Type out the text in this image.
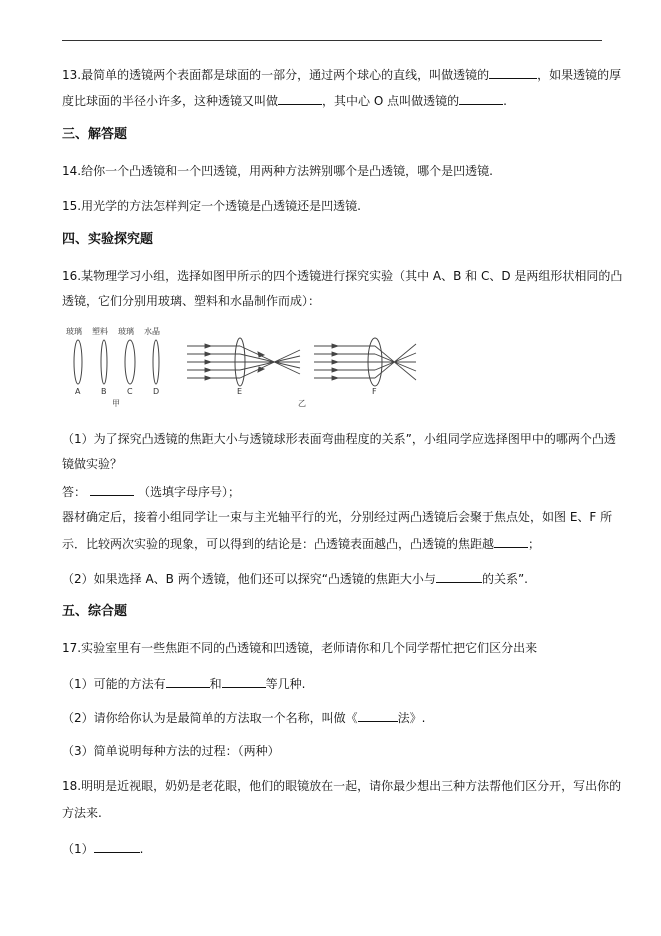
13.最简单的透镜两个表面都是球面的一部分，通过两个球心的直线，叫做透镜的	，如果透镜的厚
度比球面的半径小许多，这种透镜又叫做	，其中心 O 点叫做透镜的	.
三、解答题
14.给你一个凸透镜和一个凹透镜，用两种方法辨别哪个是凸透镜，哪个是凹透镜.
15.用光学的方法怎样判定一个透镜是凸透镜还是凹透镜.
四、实验探究题
16.某物理学习小组，选择如图甲所示的四个透镜进行探究实验（其中 A、B 和 C、D 是两组形状相同的凸
透镜，它们分别用玻璃、塑料和水晶制作而成）：
玻璃 塑料 玻璃 水晶
A	B	C	D
甲
E	F
乙
（1）为了探究凸透镜的焦距大小与透镜球形表面弯曲程度的关系”，小组同学应选择图甲中的哪两个凸透
镜做实验？
答：	（选填字母序号）；
器材确定后，接着小组同学让一束与主光轴平行的光，分别经过两凸透镜后会聚于焦点处，如图 E、F 所
示．比较两次实验的现象，可以得到的结论是：凸透镜表面越凸，凸透镜的焦距越	；
（2）如果选择 A、B 两个透镜，他们还可以探究“凸透镜的焦距大小与	的关系”.
五、综合题
17.实验室里有一些焦距不同的凸透镜和凹透镜，老师请你和几个同学帮忙把它们区分出来
（1）可能的方法有	和	等几种.
（2）请你给你认为是最简单的方法取一个名称，叫做《	法》.
（3）简单说明每种方法的过程：（两种）
18.明明是近视眼，奶奶是老花眼，他们的眼镜放在一起，请你最少想出三种方法帮他们区分开，写出你的
方法来.
（1）	.
